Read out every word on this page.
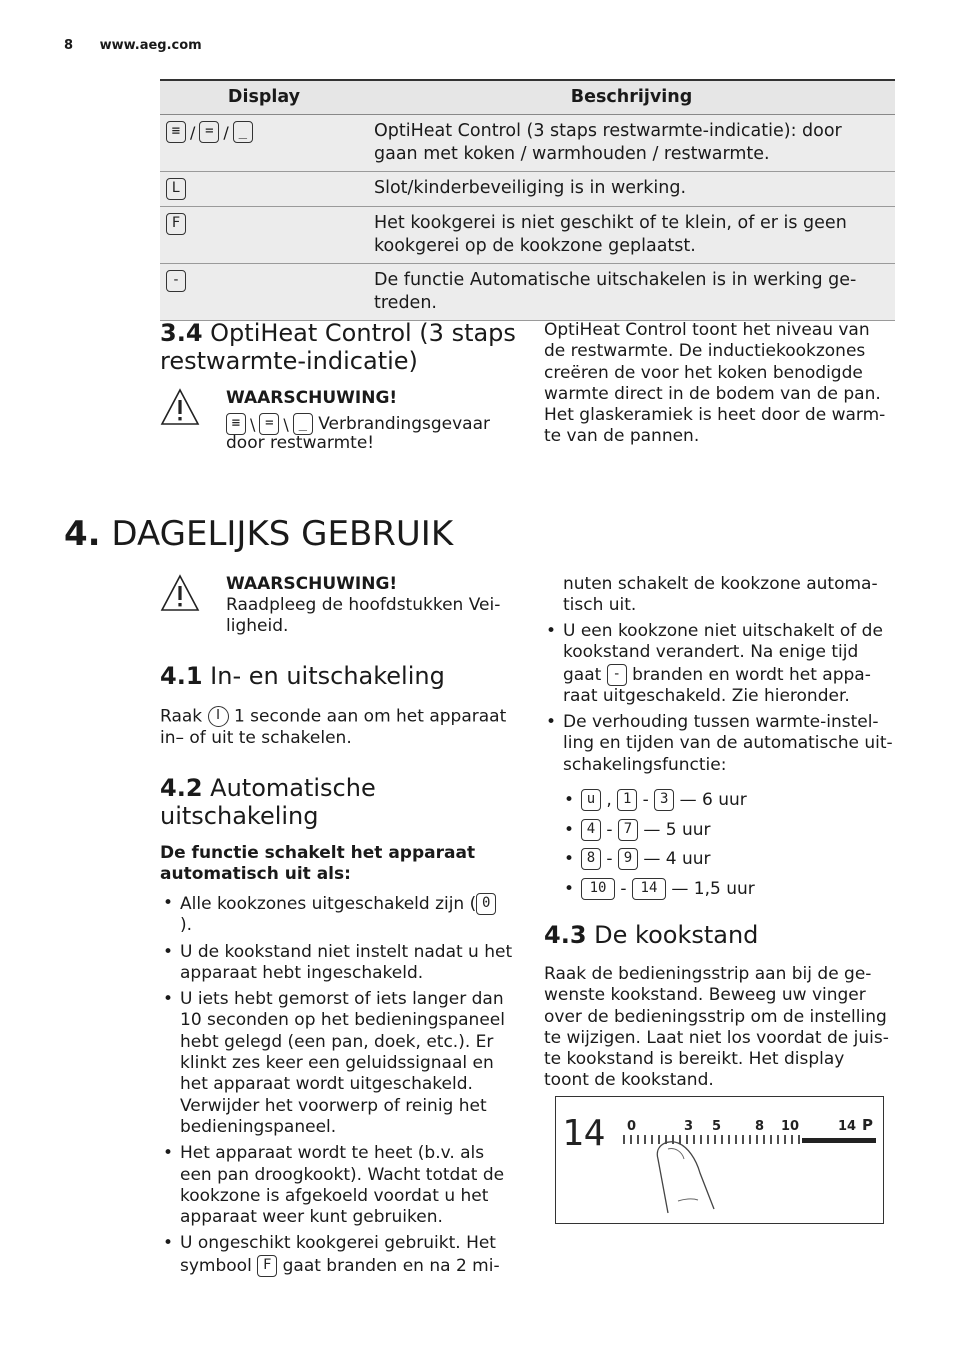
8 www.aeg.com
Display	Beschrijving
≡ / = / _	OptiHeat Control (3 staps restwarmte-indicatie): door gaan met koken / warmhouden / restwarmte.
L	Slot/kinderbeveiliging is in werking.
F	Het kookgerei is niet geschikt of te klein, of er is geen kookgerei op de kookzone geplaatst.
-	De functie Automatische uitschakelen is in werking ge-treden.
3.4 OptiHeat Control (3 staps restwarmte-indicatie)
WAARSCHUWING!
≡ \ = \ _ Verbrandingsgevaar
door restwarmte!
OptiHeat Control toont het niveau van de restwarmte. De inductiekookzones creëren de voor het koken benodigde warmte direct in de bodem van de pan. Het glaskeramiek is heet door de warm-te van de pannen.
4. DAGELIJKS GEBRUIK
WAARSCHUWING!
Raadpleeg de hoofdstukken Vei-ligheid.
4.1 In- en uitschakeling
Raak I 1 seconde aan om het apparaat in– of uit te schakelen.
4.2 Automatische uitschakeling
De functie schakelt het apparaat automatisch uit als:
• Alle kookzones uitgeschakeld zijn ( 0
).
• U de kookstand niet instelt nadat u het apparaat hebt ingeschakeld.
• U iets hebt gemorst of iets langer dan 10 seconden op het bedieningspaneel hebt gelegd (een pan, doek, etc.). Er klinkt zes keer een geluidssignaal en het apparaat wordt uitgeschakeld. Verwijder het voorwerp of reinig het bedieningspaneel.
• Het apparaat wordt te heet (b.v. als een pan droogkookt). Wacht totdat de kookzone is afgekoeld voordat u het apparaat weer kunt gebruiken.
• U ongeschikt kookgerei gebruikt. Het symbool F gaat branden en na 2 mi-
nuten schakelt de kookzone automa-tisch uit.
• U een kookzone niet uitschakelt of de kookstand verandert. Na enige tijd gaat - branden en wordt het appa-raat uitgeschakeld. Zie hieronder.
• De verhouding tussen warmte-instel-ling en tijden van de automatische uit-schakelingsfunctie:
• u , 1 - 3 — 6 uur
• 4 - 7 — 5 uur
• 8 - 9 — 4 uur
• 10 - 14 — 1,5 uur
4.3 De kookstand
Raak de bedieningsstrip aan bij de ge-wenste kookstand. Beweeg uw vinger over de bedieningsstrip om de instelling te wijzigen. Laat niet los voordat de juis-te kookstand is bereikt. Het display toont de kookstand.
14 0	3 5	8 10	14 P
